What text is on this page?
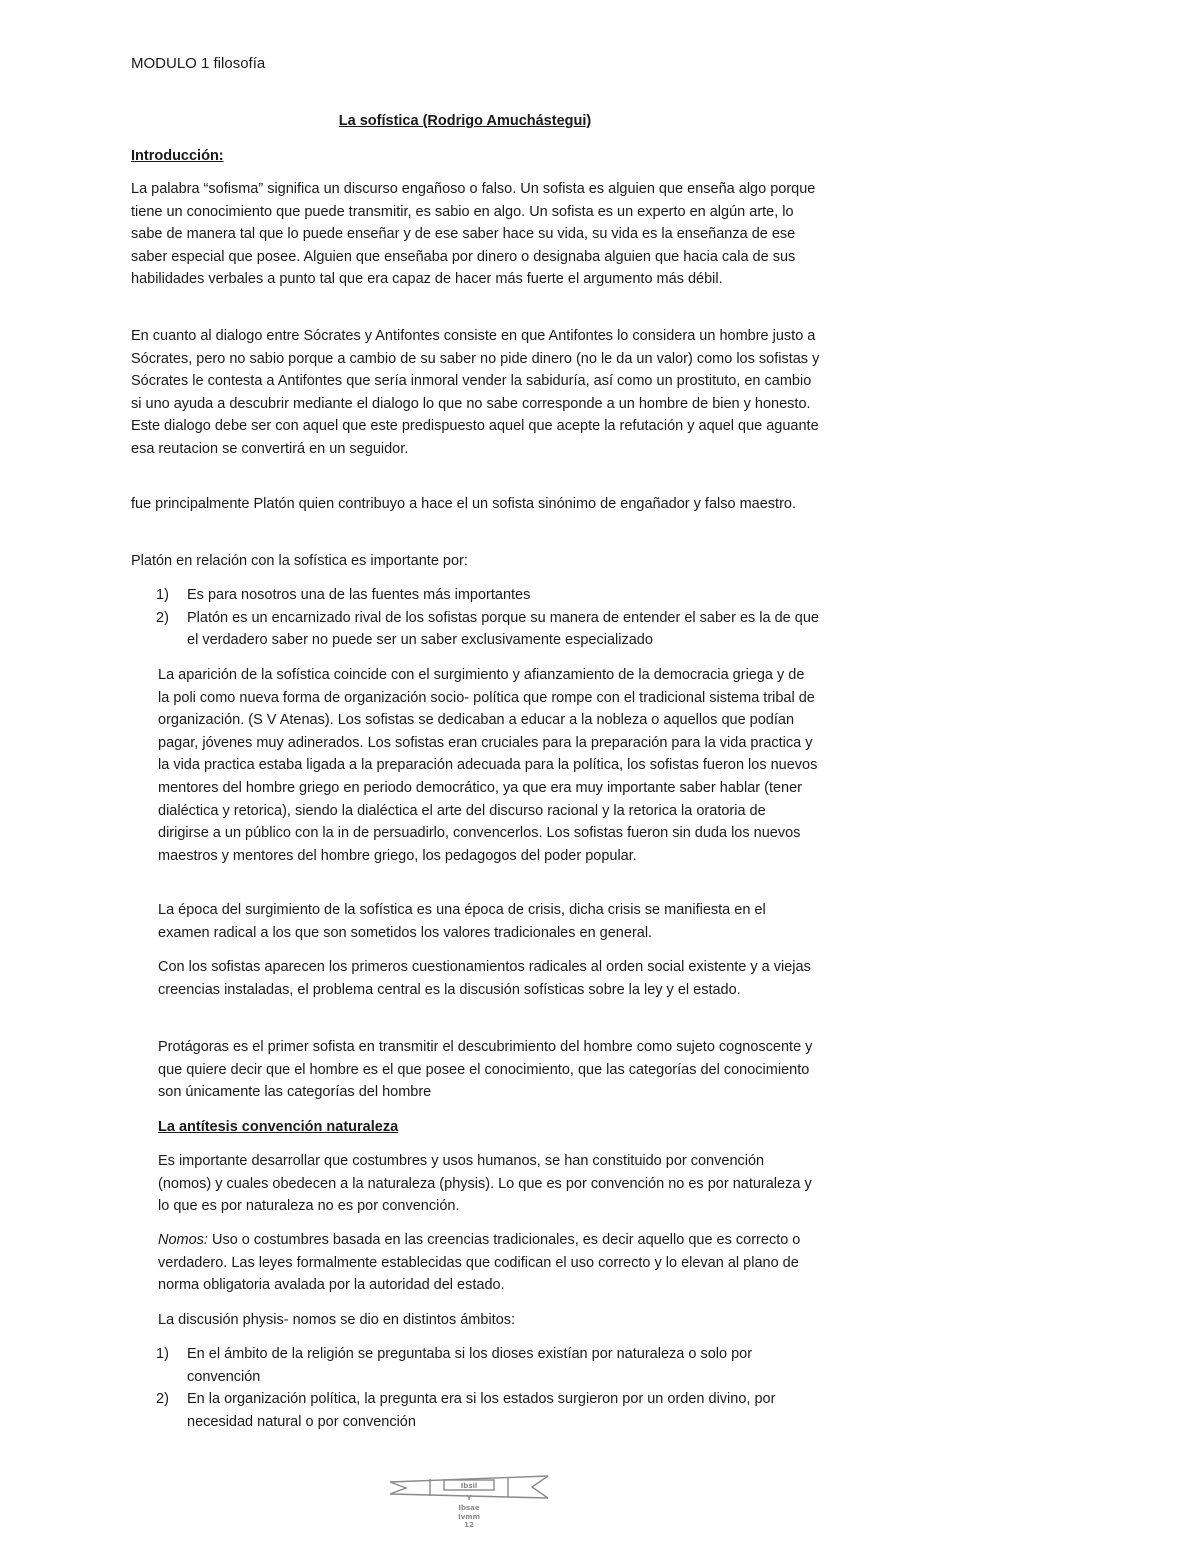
MODULO 1 filosofía
La sofística (Rodrigo Amuchástegui)
Introducción:

La palabra “sofisma” significa un discurso engañoso o falso. Un sofista es alguien que enseña algo porque tiene un conocimiento que puede transmitir, es sabio en algo. Un sofista es un experto en algún arte, lo sabe de manera tal que lo puede enseñar y de ese saber hace su vida, su vida es la enseñanza de ese saber especial que posee. Alguien que enseñaba por dinero o designaba alguien que hacia cala de sus habilidades verbales a punto tal que era capaz de hacer más fuerte el argumento más débil.

En cuanto al dialogo entre Sócrates y Antifontes consiste en que Antifontes lo considera un hombre justo a Sócrates, pero no sabio porque a cambio de su saber no pide dinero (no le da un valor) como los sofistas y Sócrates le contesta a Antifontes que sería inmoral vender la sabiduría, así como un prostituto, en cambio si uno ayuda a descubrir mediante el dialogo lo que no sabe corresponde a un hombre de bien y honesto. Este dialogo debe ser con aquel que este predispuesto aquel que acepte la refutación y aquel que aguante esa reutacion se convertirá en un seguidor.

fue principalmente Platón quien contribuyo a hace el un sofista sinónimo de engañador y falso maestro.

Platón en relación con la sofística es importante por:

1) Es para nosotros una de las fuentes más importantes
2) Platón es un encarnizado rival de los sofistas porque su manera de entender el saber es la de que el verdadero saber no puede ser un saber exclusivamente especializado

La aparición de la sofística coincide con el surgimiento y afianzamiento de la democracia griega y de la poli como nueva forma de organización socio- política que rompe con el tradicional sistema tribal de organización. (S V Atenas). Los sofistas se dedicaban a educar a la nobleza o aquellos que podían pagar, jóvenes muy adinerados. Los sofistas eran cruciales para la preparación para la vida practica y la vida practica estaba ligada a la preparación adecuada para la política, los sofistas fueron los nuevos mentores del hombre griego en periodo democrático, ya que era muy importante saber hablar (tener dialéctica y retorica), siendo la dialéctica el arte del discurso racional y la retorica la oratoria de dirigirse a un público con la in de persuadirlo, convencerlos. Los sofistas fueron sin duda los nuevos maestros y mentores del hombre griego, los pedagogos del poder popular.

La época del surgimiento de la sofística es una época de crisis, dicha crisis se manifiesta en el examen radical a los que son sometidos los valores tradicionales en general.

Con los sofistas aparecen los primeros cuestionamientos radicales al orden social existente y a viejas creencias instaladas, el problema central es la discusión sofísticas sobre la ley y el estado.

Protágoras es el primer sofista en transmitir el descubrimiento del hombre como sujeto cognoscente y que quiere decir que el hombre es el que posee el conocimiento, que las categorías del conocimiento son únicamente las categorías del hombre

La antítesis convención naturaleza

Es importante desarrollar que costumbres y usos humanos, se han constituido por convención (nomos) y cuales obedecen a la naturaleza (physis). Lo que es por convención no es por naturaleza y lo que es por naturaleza no es por convención.

Nomos: Uso o costumbres basada en las creencias tradicionales, es decir aquello que es correcto o verdadero. Las leyes formalmente establecidas que codifican el uso correcto y lo elevan al plano de norma obligatoria avalada por la autoridad del estado.

La discusión physis- nomos se dio en distintos ámbitos:

1) En el ámbito de la religión se preguntaba si los dioses existían por naturaleza o solo por convención
2) En la organización política, la pregunta era si los estados surgieron por un orden divino, por necesidad natural o por convención
Ibsil
Y
Ibsae
Ivmm
12
